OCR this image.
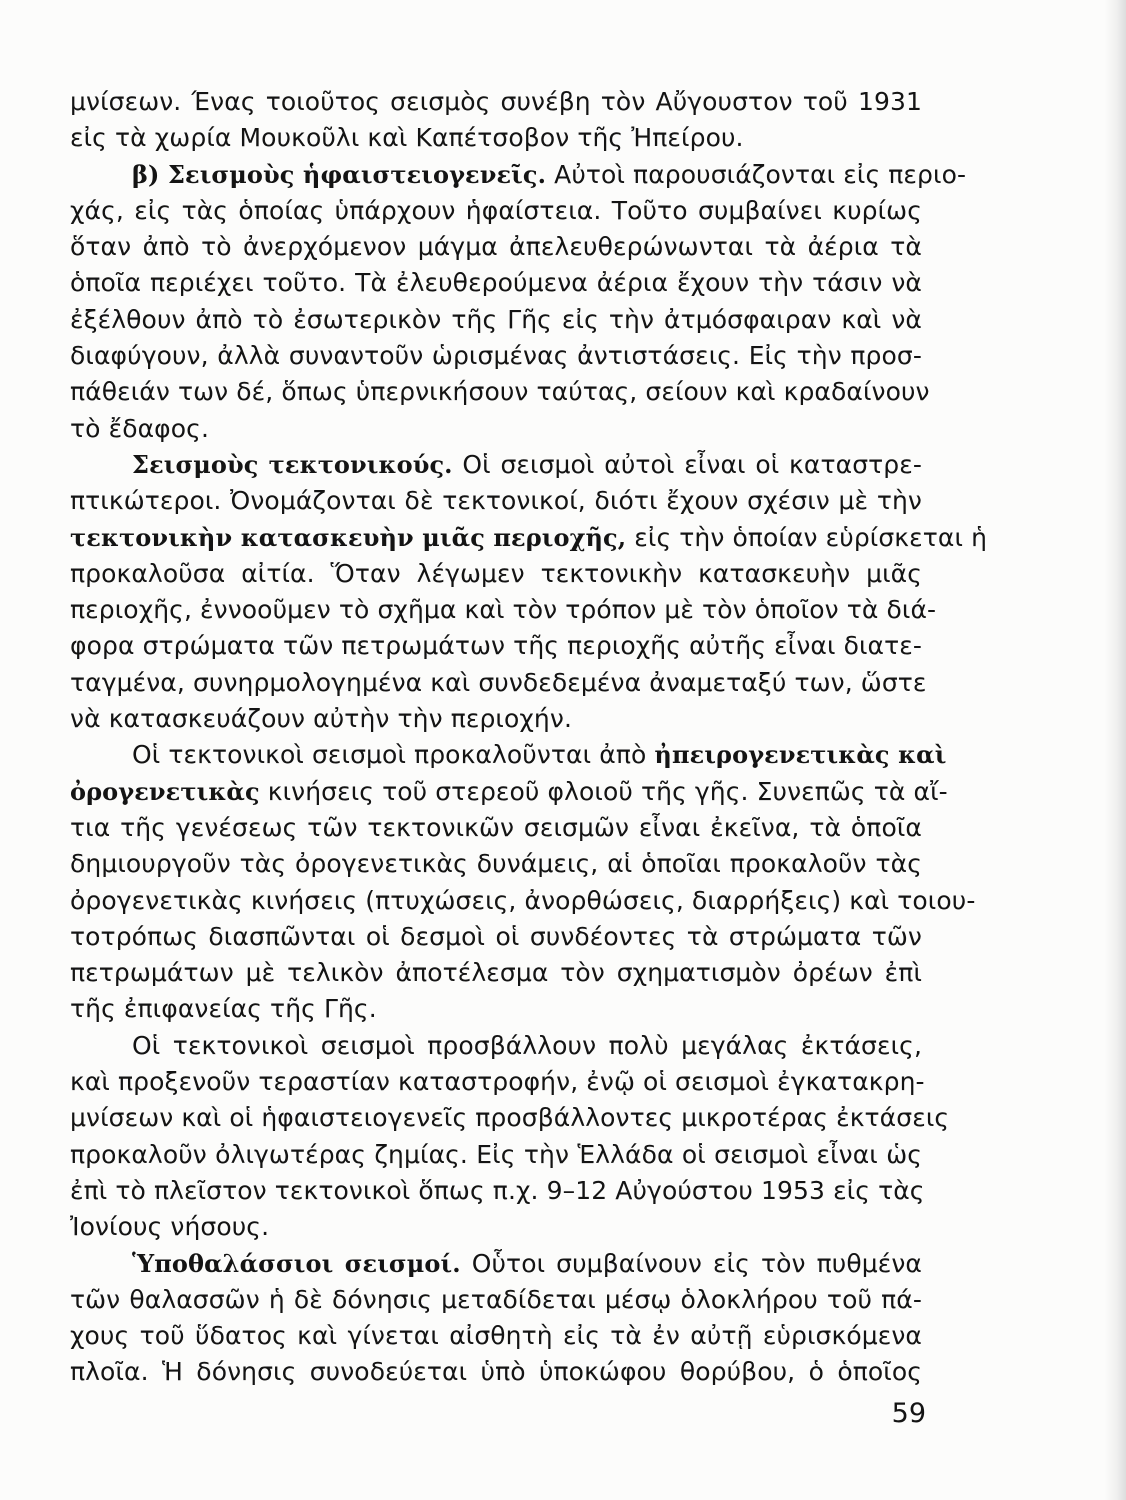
μνίσεων. Ένας τοιοῦτος σεισμὸς συνέβη τὸν Αὔγουστον τοῦ 1931
εἰς τὰ χωρία Μουκοῦλι καὶ Καπέτσοβον τῆς Ἠπείρου.
β) Σεισμοὺς ἡφαιστειογενεῖς. Αὐτοὶ παρουσιάζονται εἰς περιο-
χάς, εἰς τὰς ὁποίας ὑπάρχουν ἡφαίστεια. Τοῦτο συμβαίνει κυρίως
ὅταν ἀπὸ τὸ ἀνερχόμενον μάγμα ἀπελευθερώνωνται τὰ ἀέρια τὰ
ὁποῖα περιέχει τοῦτο. Τὰ ἐλευθερούμενα ἀέρια ἔχουν τὴν τάσιν νὰ
ἐξέλθουν ἀπὸ τὸ ἐσωτερικὸν τῆς Γῆς εἰς τὴν ἀτμόσφαιραν καὶ νὰ
διαφύγουν, ἀλλὰ συναντοῦν ὡρισμένας ἀντιστάσεις. Εἰς τὴν προσ-
πάθειάν των δέ, ὅπως ὑπερνικήσουν ταύτας, σείουν καὶ κραδαίνουν
τὸ ἔδαφος.
Σεισμοὺς τεκτονικούς. Οἱ σεισμοὶ αὐτοὶ εἶναι οἱ καταστρε-
πτικώτεροι. Ὀνομάζονται δὲ τεκτονικοί, διότι ἔχουν σχέσιν μὲ τὴν
τεκτονικὴν κατασκευὴν μιᾶς περιοχῆς, εἰς τὴν ὁποίαν εὑρίσκεται ἡ
προκαλοῦσα αἰτία. Ὅταν λέγωμεν τεκτονικὴν κατασκευὴν μιᾶς
περιοχῆς, ἐννοοῦμεν τὸ σχῆμα καὶ τὸν τρόπον μὲ τὸν ὁποῖον τὰ διά-
φορα στρώματα τῶν πετρωμάτων τῆς περιοχῆς αὐτῆς εἶναι διατε-
ταγμένα, συνηρμολογημένα καὶ συνδεδεμένα ἀναμεταξύ των, ὥστε
νὰ κατασκευάζουν αὐτὴν τὴν περιοχήν.
Οἱ τεκτονικοὶ σεισμοὶ προκαλοῦνται ἀπὸ ἠπειρογενετικὰς καὶ
ὀρογενετικὰς κινήσεις τοῦ στερεοῦ φλοιοῦ τῆς γῆς. Συνεπῶς τὰ αἴ-
τια τῆς γενέσεως τῶν τεκτονικῶν σεισμῶν εἶναι ἐκεῖνα, τὰ ὁποῖα
δημιουργοῦν τὰς ὀρογενετικὰς δυνάμεις, αἱ ὁποῖαι προκαλοῦν τὰς
ὀρογενετικὰς κινήσεις (πτυχώσεις, ἀνορθώσεις, διαρρήξεις) καὶ τοιου-
τοτρόπως διασπῶνται οἱ δεσμοὶ οἱ συνδέοντες τὰ στρώματα τῶν
πετρωμάτων μὲ τελικὸν ἀποτέλεσμα τὸν σχηματισμὸν ὀρέων ἐπὶ
τῆς ἐπιφανείας τῆς Γῆς.
Οἱ τεκτονικοὶ σεισμοὶ προσβάλλουν πολὺ μεγάλας ἐκτάσεις,
καὶ προξενοῦν τεραστίαν καταστροφήν, ἐνῷ οἱ σεισμοὶ ἐγκατακρη-
μνίσεων καὶ οἱ ἡφαιστειογενεῖς προσβάλλοντες μικροτέρας ἐκτάσεις
προκαλοῦν ὀλιγωτέρας ζημίας. Εἰς τὴν Ἑλλάδα οἱ σεισμοὶ εἶναι ὡς
ἐπὶ τὸ πλεῖστον τεκτονικοὶ ὅπως π.χ. 9–12 Αὐγούστου 1953 εἰς τὰς
Ἰονίους νήσους.
Ὑποθαλάσσιοι σεισμοί. Οὗτοι συμβαίνουν εἰς τὸν πυθμένα
τῶν θαλασσῶν ἡ δὲ δόνησις μεταδίδεται μέσῳ ὁλοκλήρου τοῦ πά-
χους τοῦ ὕδατος καὶ γίνεται αἰσθητὴ εἰς τὰ ἐν αὐτῇ εὑρισκόμενα
πλοῖα. Ἡ δόνησις συνοδεύεται ὑπὸ ὑποκώφου θορύβου, ὁ ὁποῖος
59
